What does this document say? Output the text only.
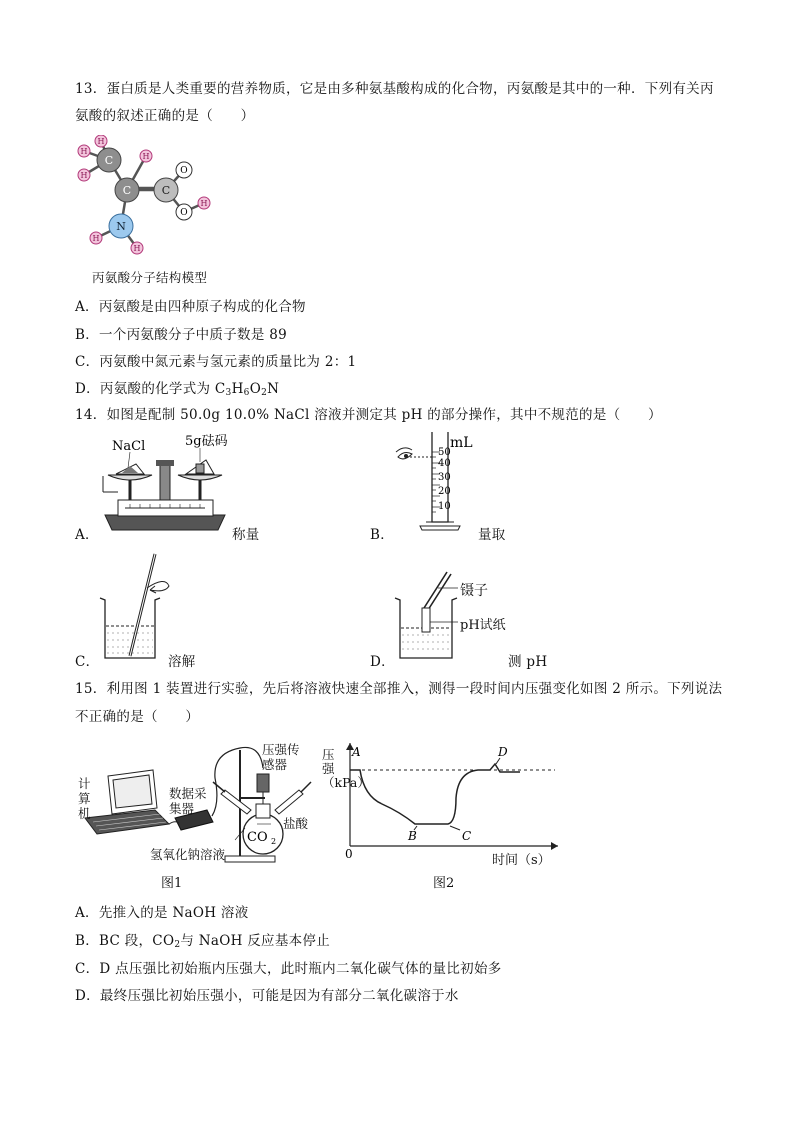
13．蛋白质是人类重要的营养物质，它是由多种氨基酸构成的化合物，丙氨酸是其中的一种．下列有关丙
氨酸的叙述正确的是（　　）
H
H
H
H
H
H
H
C
C	C
O
O
N
丙氨酸分子结构模型
A．丙氨酸是由四种原子构成的化合物
B．一个丙氨酸分子中质子数是 89
C．丙氨酸中氮元素与氢元素的质量比为 2：1
D．丙氨酸的化学式为 $C_3H_6O_2N$
14．如图是配制 50.0g 10.0% NaCl 溶液并测定其 pH 的部分操作，其中不规范的是（　　）
A．
NaCl	5g砝码
称量	B．
mL
50
40
30
20
10
量取
C．	溶解	D．
镊子
pH试纸
测 pH
15．利用图 1 装置进行实验，先后将溶液快速全部推入，测得一段时间内压强变化如图 2 所示。下列说法
不正确的是（　　）
CO 2
计算机
数据采集器
压强传感器
盐酸
氢氧化钠溶液
图1
0
A
B	C
D
压强（kPa）
时间（s）
图2
A．先推入的是 NaOH 溶液
B．BC 段，$CO_2$与 NaOH 反应基本停止
C．D 点压强比初始瓶内压强大，此时瓶内二氧化碳气体的量比初始多
D．最终压强比初始压强小，可能是因为有部分二氧化碳溶于水
